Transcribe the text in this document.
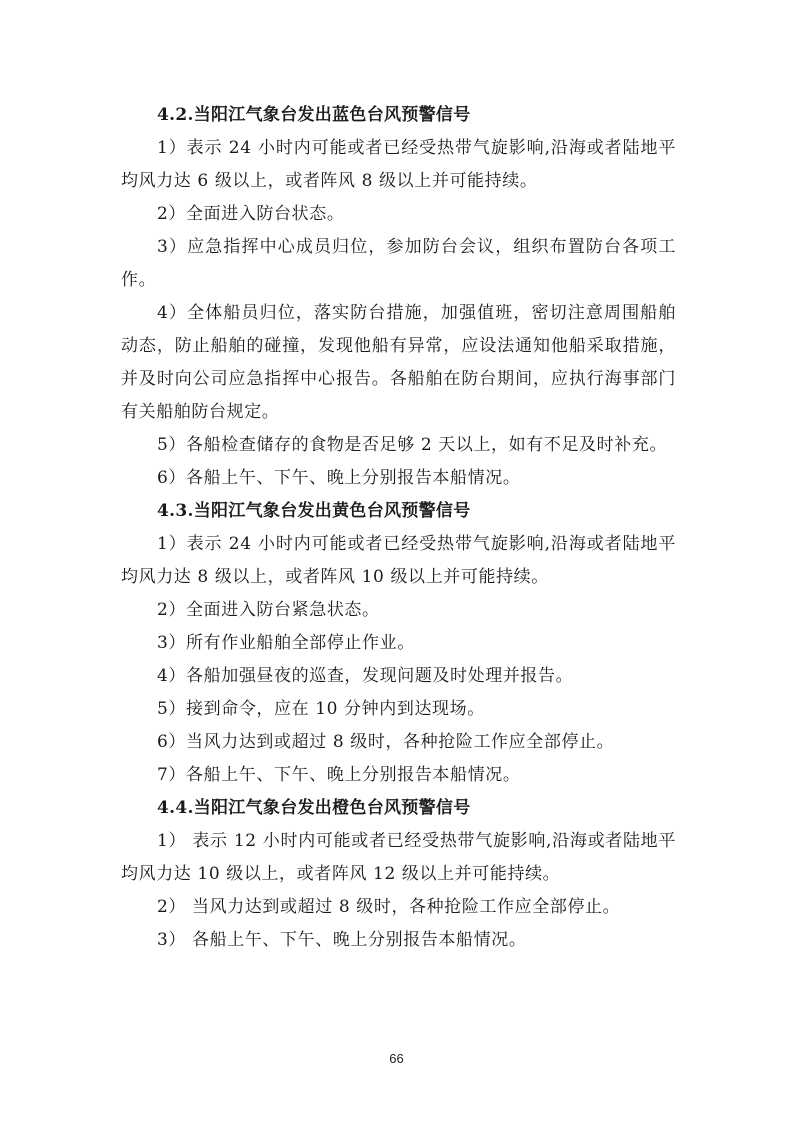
4.2.当阳江气象台发出蓝色台风预警信号

1）表示 24 小时内可能或者已经受热带气旋影响,沿海或者陆地平均风力达 6 级以上，或者阵风 8 级以上并可能持续。

2）全面进入防台状态。

3）应急指挥中心成员归位，参加防台会议，组织布置防台各项工作。

4）全体船员归位，落实防台措施，加强值班，密切注意周围船舶动态，防止船舶的碰撞，发现他船有异常，应设法通知他船采取措施，并及时向公司应急指挥中心报告。各船舶在防台期间，应执行海事部门有关船舶防台规定。

5）各船检查储存的食物是否足够 2 天以上，如有不足及时补充。

6）各船上午、下午、晚上分别报告本船情况。

4.3.当阳江气象台发出黄色台风预警信号

1）表示 24 小时内可能或者已经受热带气旋影响,沿海或者陆地平均风力达 8 级以上，或者阵风 10 级以上并可能持续。

2）全面进入防台紧急状态。

3）所有作业船舶全部停止作业。

4）各船加强昼夜的巡查，发现问题及时处理并报告。

5）接到命令，应在 10 分钟内到达现场。

6）当风力达到或超过 8 级时，各种抢险工作应全部停止。

7）各船上午、下午、晚上分别报告本船情况。

4.4.当阳江气象台发出橙色台风预警信号

1） 表示 12 小时内可能或者已经受热带气旋影响,沿海或者陆地平均风力达 10 级以上，或者阵风 12 级以上并可能持续。

2） 当风力达到或超过 8 级时，各种抢险工作应全部停止。

3） 各船上午、下午、晚上分别报告本船情况。

66
